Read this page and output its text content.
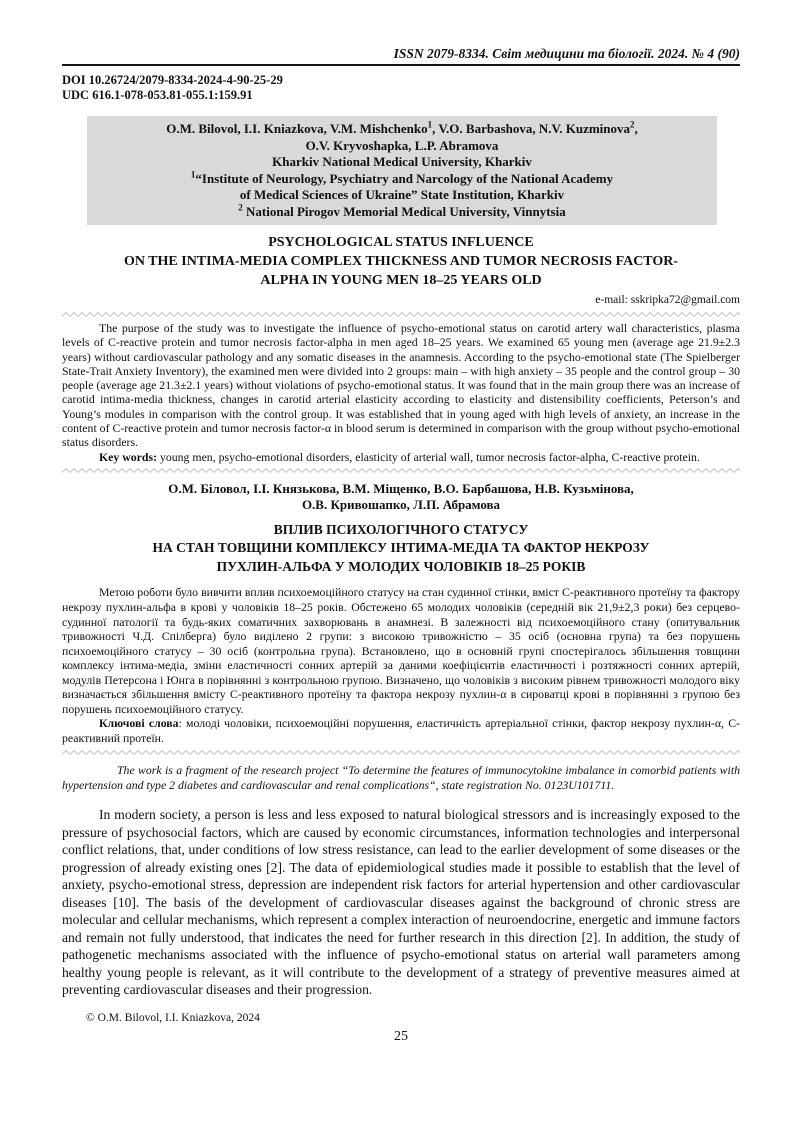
ISSN 2079-8334. Світ медицини та біології. 2024. № 4 (90)
DOI 10.26724/2079-8334-2024-4-90-25-29
UDC 616.1-078-053.81-055.1:159.91
O.M. Bilovol, I.I. Kniazkova, V.M. Mishchenko$^1$, V.O. Barbashova, N.V. Kuzminova$^2$,
O.V. Kryvoshapka, L.P. Abramova
Kharkiv National Medical University, Kharkiv
$^1$“Institute of Neurology, Psychiatry and Narcology of the National Academy
of Medical Sciences of Ukraine” State Institution, Kharkiv
$^2$ National Pirogov Memorial Medical University, Vinnytsia
PSYCHOLOGICAL STATUS INFLUENCE
ON THE INTIMA-MEDIA COMPLEX THICKNESS AND TUMOR NECROSIS FACTOR-
ALPHA IN YOUNG MEN 18–25 YEARS OLD
e-mail: sskripka72@gmail.com

The purpose of the study was to investigate the influence of psycho-emotional status on carotid artery wall characteristics, plasma levels of C-reactive protein and tumor necrosis factor-alpha in men aged 18–25 years. We examined 65 young men (average age 21.9±2.3 years) without cardiovascular pathology and any somatic diseases in the anamnesis. According to the psycho-emotional state (The Spielberger State-Trait Anxiety Inventory), the examined men were divided into 2 groups: main – with high anxiety – 35 people and the control group – 30 people (average age 21.3±2.1 years) without violations of psycho-emotional status. It was found that in the main group there was an increase of carotid intima-media thickness, changes in carotid arterial elasticity according to elasticity and distensibility coefficients, Peterson’s and Young’s modules in comparison with the control group. It was established that in young aged with high levels of anxiety, an increase in the content of C-reactive protein and tumor necrosis factor-α in blood serum is determined in comparison with the group without psycho-emotional status disorders.

Key words: young men, psycho-emotional disorders, elasticity of arterial wall, tumor necrosis factor-alpha, C-reactive protein.

О.М. Біловол, І.І. Князькова, В.М. Міщенко, В.О. Барбашова, Н.В. Кузьмінова,
О.В. Кривошапко, Л.П. Абрамова
ВПЛИВ ПСИХОЛОГІЧНОГО СТАТУСУ
НА СТАН ТОВЩИНИ КОМПЛЕКСУ ІНТИМА-МЕДІА ТА ФАКТОР НЕКРОЗУ
ПУХЛИН-АЛЬФА У МОЛОДИХ ЧОЛОВІКІВ 18–25 РОКІВ

Метою роботи було вивчити вплив психоемоційного статусу на стан судинної стінки, вміст С-реактивного протеїну та фактору некрозу пухлин-альфа в крові у чоловіків 18–25 років. Обстежено 65 молодих чоловіків (середній вік 21,9±2,3 роки) без серцево-судинної патології та будь-яких соматичних захворювань в анамнезі. В залежності від психоемоційного стану (опитувальник тривожності Ч.Д. Спілберга) було виділено 2 групи: з високою тривожністю – 35 осіб (основна група) та без порушень психоемоційного статусу – 30 осіб (контрольна група). Встановлено, що в основній групі спостерігалось збільшення товщини комплексу інтима-медіа, зміни еластичності сонних артерій за даними коефіцієнтів еластичності і розтяжності сонних артерій, модулів Петерсона і Юнга в порівнянні з контрольною групою. Визначено, що чоловіків з високим рівнем тривожності молодого віку визначається збільшення вмісту С-реактивного протеїну та фактора некрозу пухлин-α в сироватці крові в порівнянні з групою без порушень психоемоційного статусу.

Ключові слова: молоді чоловіки, психоемоційні порушення, еластичність артеріальної стінки, фактор некрозу пухлин-α, С-реактивний протеїн.

The work is a fragment of the research project “To determine the features of immunocytokine imbalance in comorbid patients with hypertension and type 2 diabetes and cardiovascular and renal complications“, state registration No. 0123U101711.
In modern society, a person is less and less exposed to natural biological stressors and is increasingly exposed to the pressure of psychosocial factors, which are caused by economic circumstances, information technologies and interpersonal conflict relations, that, under conditions of low stress resistance, can lead to the earlier development of some diseases or the progression of already existing ones [2]. The data of epidemiological studies made it possible to establish that the level of anxiety, psycho-emotional stress, depression are independent risk factors for arterial hypertension and other cardiovascular diseases [10]. The basis of the development of cardiovascular diseases against the background of chronic stress are molecular and cellular mechanisms, which represent a complex interaction of neuroendocrine, energetic and immune factors and remain not fully understood, that indicates the need for further research in this direction [2]. In addition, the study of pathogenetic mechanisms associated with the influence of psycho-emotional status on arterial wall parameters among healthy young people is relevant, as it will contribute to the development of a strategy of preventive measures aimed at preventing cardiovascular diseases and their progression.
© O.M. Bilovol, I.I. Kniazkova, 2024
25
